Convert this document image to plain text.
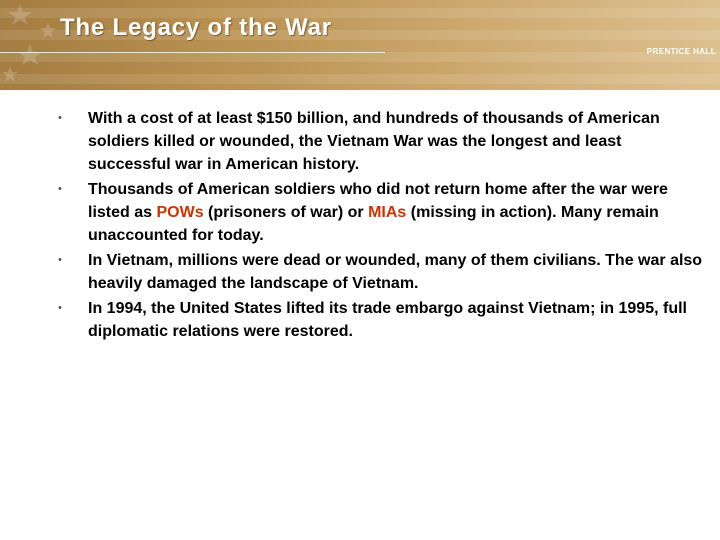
The Legacy of the War
PRENTICE HALL
• With a cost of at least $150 billion, and hundreds of thousands of American soldiers killed or wounded, the Vietnam War was the longest and least successful war in American history.
• Thousands of American soldiers who did not return home after the war were listed as POWs (prisoners of war) or MIAs (missing in action). Many remain unaccounted for today.
• In Vietnam, millions were dead or wounded, many of them civilians. The war also heavily damaged the landscape of Vietnam.
• In 1994, the United States lifted its trade embargo against Vietnam; in 1995, full diplomatic relations were restored.
